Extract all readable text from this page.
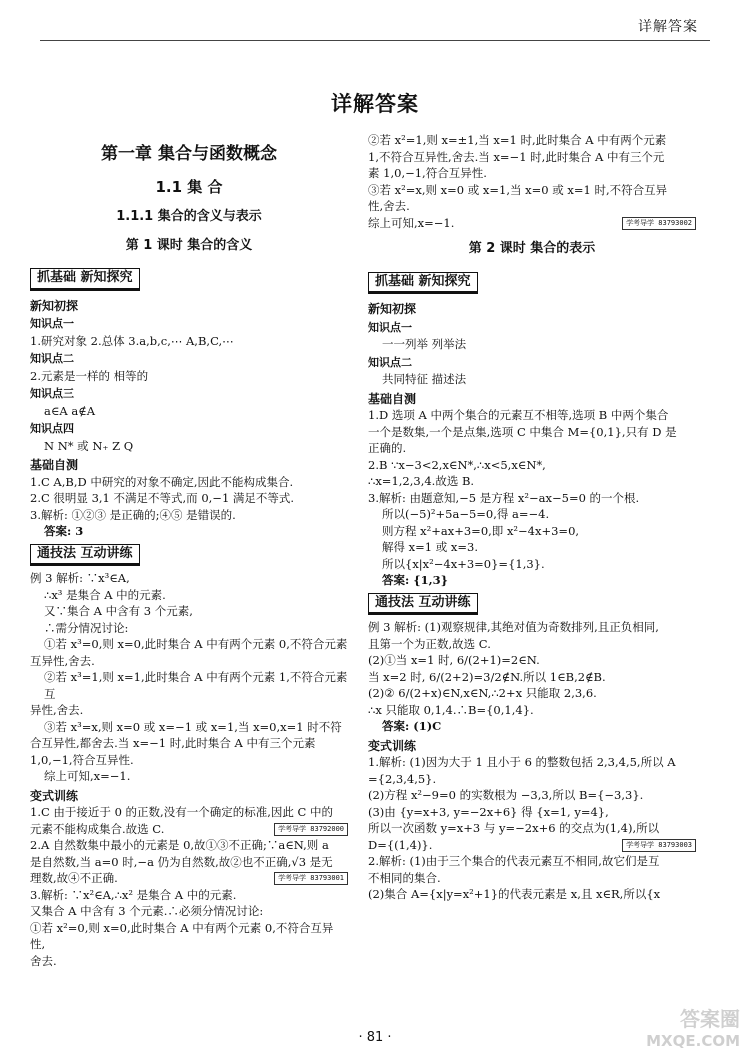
详解答案
详解答案
第一章 集合与函数概念
1.1 集 合
1.1.1 集合的含义与表示
第 1 课时 集合的含义
抓基础 新知探究
新知初探
知识点一
1.研究对象 2.总体 3.a,b,c,⋯ A,B,C,⋯
知识点二
2.元素是一样的 相等的
知识点三
a∈A a∉A
知识点四
N N* 或 N₊ Z Q
基础自测
1.C A,B,D 中研究的对象不确定,因此不能构成集合.
2.C 很明显 3,1 不满足不等式,而 0,−1 满足不等式.
3.解析: ①②③ 是正确的;④⑤ 是错误的.
答案: 3
通技法 互动讲练
例 3 解析: ∵x³∈A,
∴x³ 是集合 A 中的元素.
又∵集合 A 中含有 3 个元素,
∴需分情况讨论:
①若 x³=0,则 x=0,此时集合 A 中有两个元素 0,不符合元素
互异性,舍去.
②若 x³=1,则 x=1,此时集合 A 中有两个元素 1,不符合元素互
异性,舍去.
③若 x³=x,则 x=0 或 x=−1 或 x=1,当 x=0,x=1 时不符
合互异性,都舍去.当 x=−1 时,此时集合 A 中有三个元素
1,0,−1,符合互异性.
综上可知,x=−1.
变式训练
1.C 由于接近于 0 的正数,没有一个确定的标准,因此 C 中的
元素不能构成集合.故选 C.	学考导学 83792000
2.A 自然数集中最小的元素是 0,故①③不正确;∵a∈N,则 a
是自然数,当 a=0 时,−a 仍为自然数,故②也不正确,√3 是无
理数,故④不正确.	学考导学 83793001
3.解析: ∵x²∈A,∴x² 是集合 A 中的元素.
又集合 A 中含有 3 个元素.∴必须分情况讨论:
①若 x²=0,则 x=0,此时集合 A 中有两个元素 0,不符合互异性,
舍去.
②若 x²=1,则 x=±1,当 x=1 时,此时集合 A 中有两个元素
1,不符合互异性,舍去.当 x=−1 时,此时集合 A 中有三个元
素 1,0,−1,符合互异性.
③若 x²=x,则 x=0 或 x=1,当 x=0 或 x=1 时,不符合互异
性,舍去.
综上可知,x=−1.	学考导学 83793002
第 2 课时 集合的表示
抓基础 新知探究
新知初探
知识点一
一一列举 列举法
知识点二
共同特征 描述法
基础自测
1.D 选项 A 中两个集合的元素互不相等,选项 B 中两个集合
一个是数集,一个是点集,选项 C 中集合 M={0,1},只有 D 是
正确的.
2.B ∵x−3<2,x∈N*,∴x<5,x∈N*,
∴x=1,2,3,4.故选 B.
3.解析: 由题意知,−5 是方程 x²−ax−5=0 的一个根.
所以(−5)²+5a−5=0,得 a=−4.
则方程 x²+ax+3=0,即 x²−4x+3=0,
解得 x=1 或 x=3.
所以{x|x²−4x+3=0}={1,3}.
答案: {1,3}
通技法 互动讲练
例 3 解析: (1)观察规律,其绝对值为奇数排列,且正负相同,
且第一个为正数,故选 C.
(2)①当 x=1 时, 6/(2+1)=2∈N.
当 x=2 时, 6/(2+2)=3/2∉N.所以 1∈B,2∉B.
(2)② 6/(2+x)∈N,x∈N,∴2+x 只能取 2,3,6.
∴x 只能取 0,1,4.∴B={0,1,4}.
答案: (1)C
变式训练
1.解析: (1)因为大于 1 且小于 6 的整数包括 2,3,4,5,所以 A
={2,3,4,5}.
(2)方程 x²−9=0 的实数根为 −3,3,所以 B={−3,3}.
(3)由 {y=x+3, y=−2x+6} 得 {x=1, y=4},
所以一次函数 y=x+3 与 y=−2x+6 的交点为(1,4),所以
D={(1,4)}.	学考导学 83793003
2.解析: (1)由于三个集合的代表元素互不相同,故它们是互
不相同的集合.
(2)集合 A={x|y=x²+1}的代表元素是 x,且 x∈R,所以{x
· 81 ·
答案圈
MXQE.COM
